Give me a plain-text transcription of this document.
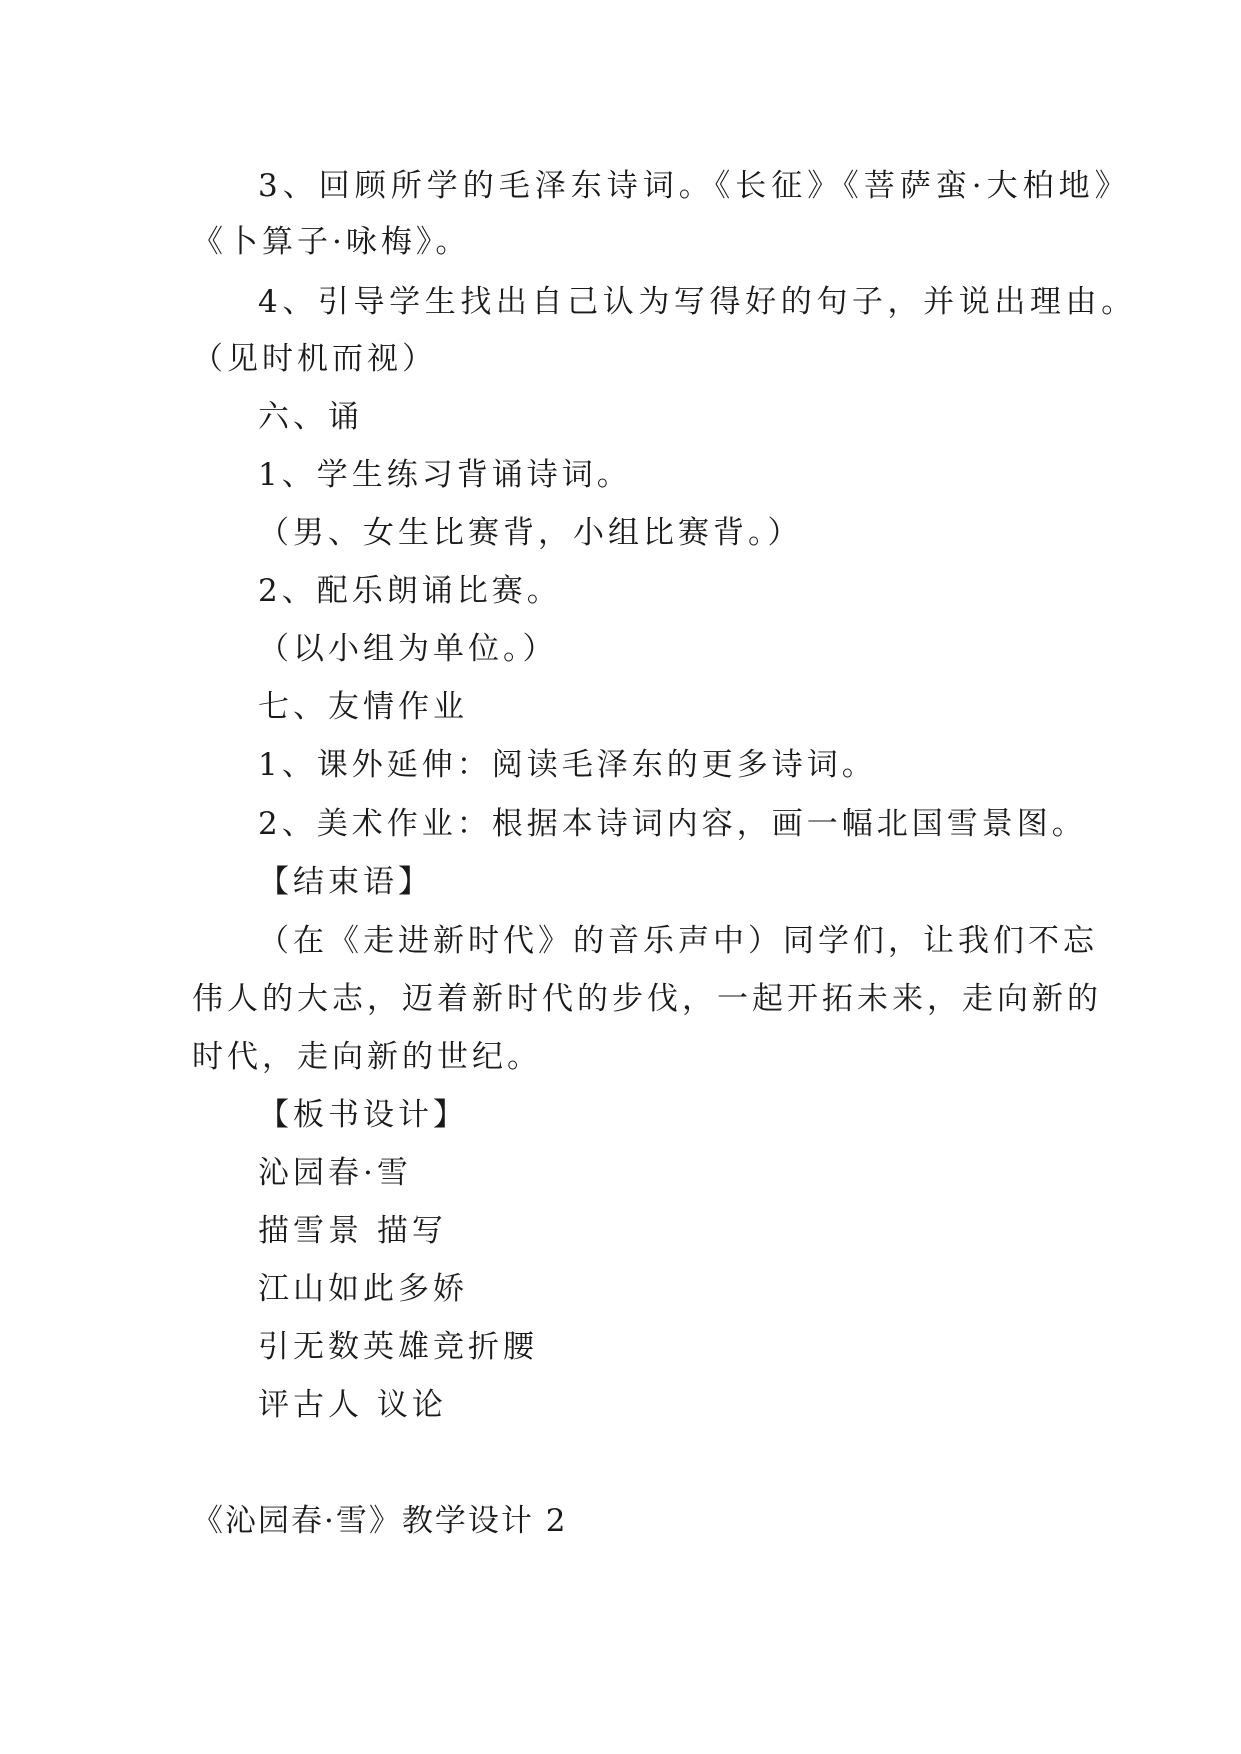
3、回顾所学的毛泽东诗词。《长征》《菩萨蛮·大柏地》
《卜算子·咏梅》。
4、引导学生找出自己认为写得好的句子，并说出理由。
（见时机而视）
六、诵
1、学生练习背诵诗词。
（男、女生比赛背，小组比赛背。）
2、配乐朗诵比赛。
（以小组为单位。）
七、友情作业
1、课外延伸：阅读毛泽东的更多诗词。
2、美术作业：根据本诗词内容，画一幅北国雪景图。
【结束语】
（在《走进新时代》的音乐声中）同学们，让我们不忘
伟人的大志，迈着新时代的步伐，一起开拓未来，走向新的
时代，走向新的世纪。
【板书设计】
沁园春·雪
描雪景 描写
江山如此多娇
引无数英雄竞折腰
评古人 议论
《沁园春·雪》教学设计 2
